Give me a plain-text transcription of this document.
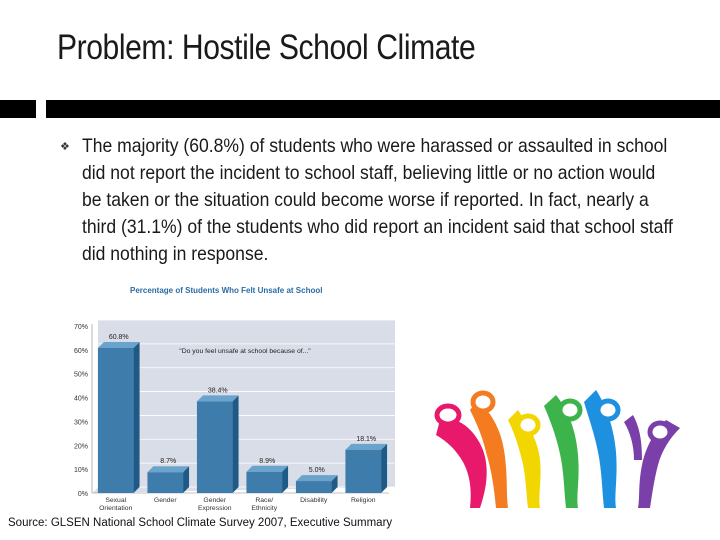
Problem: Hostile School Climate
❖ The majority (60.8%) of students who were harassed or assaulted in school did not report the incident to school staff, believing little or no action would be taken or the situation could become worse if reported. In fact, nearly a third (31.1%) of the students who did report an incident said that school staff did nothing in response.
Percentage of Students Who Felt Unsafe at School
0%
10%
20%
30%
40%
50%
60%
70%
"Do you feel unsafe at school because of..."
60.8%
Sexual
Orientation
8.7%
Gender
38.4%
Gender
Expression
8.9%
Race/
Ethnicity
5.0%
Disability
18.1%
Religion
Source: GLSEN National School Climate Survey 2007, Executive Summary
